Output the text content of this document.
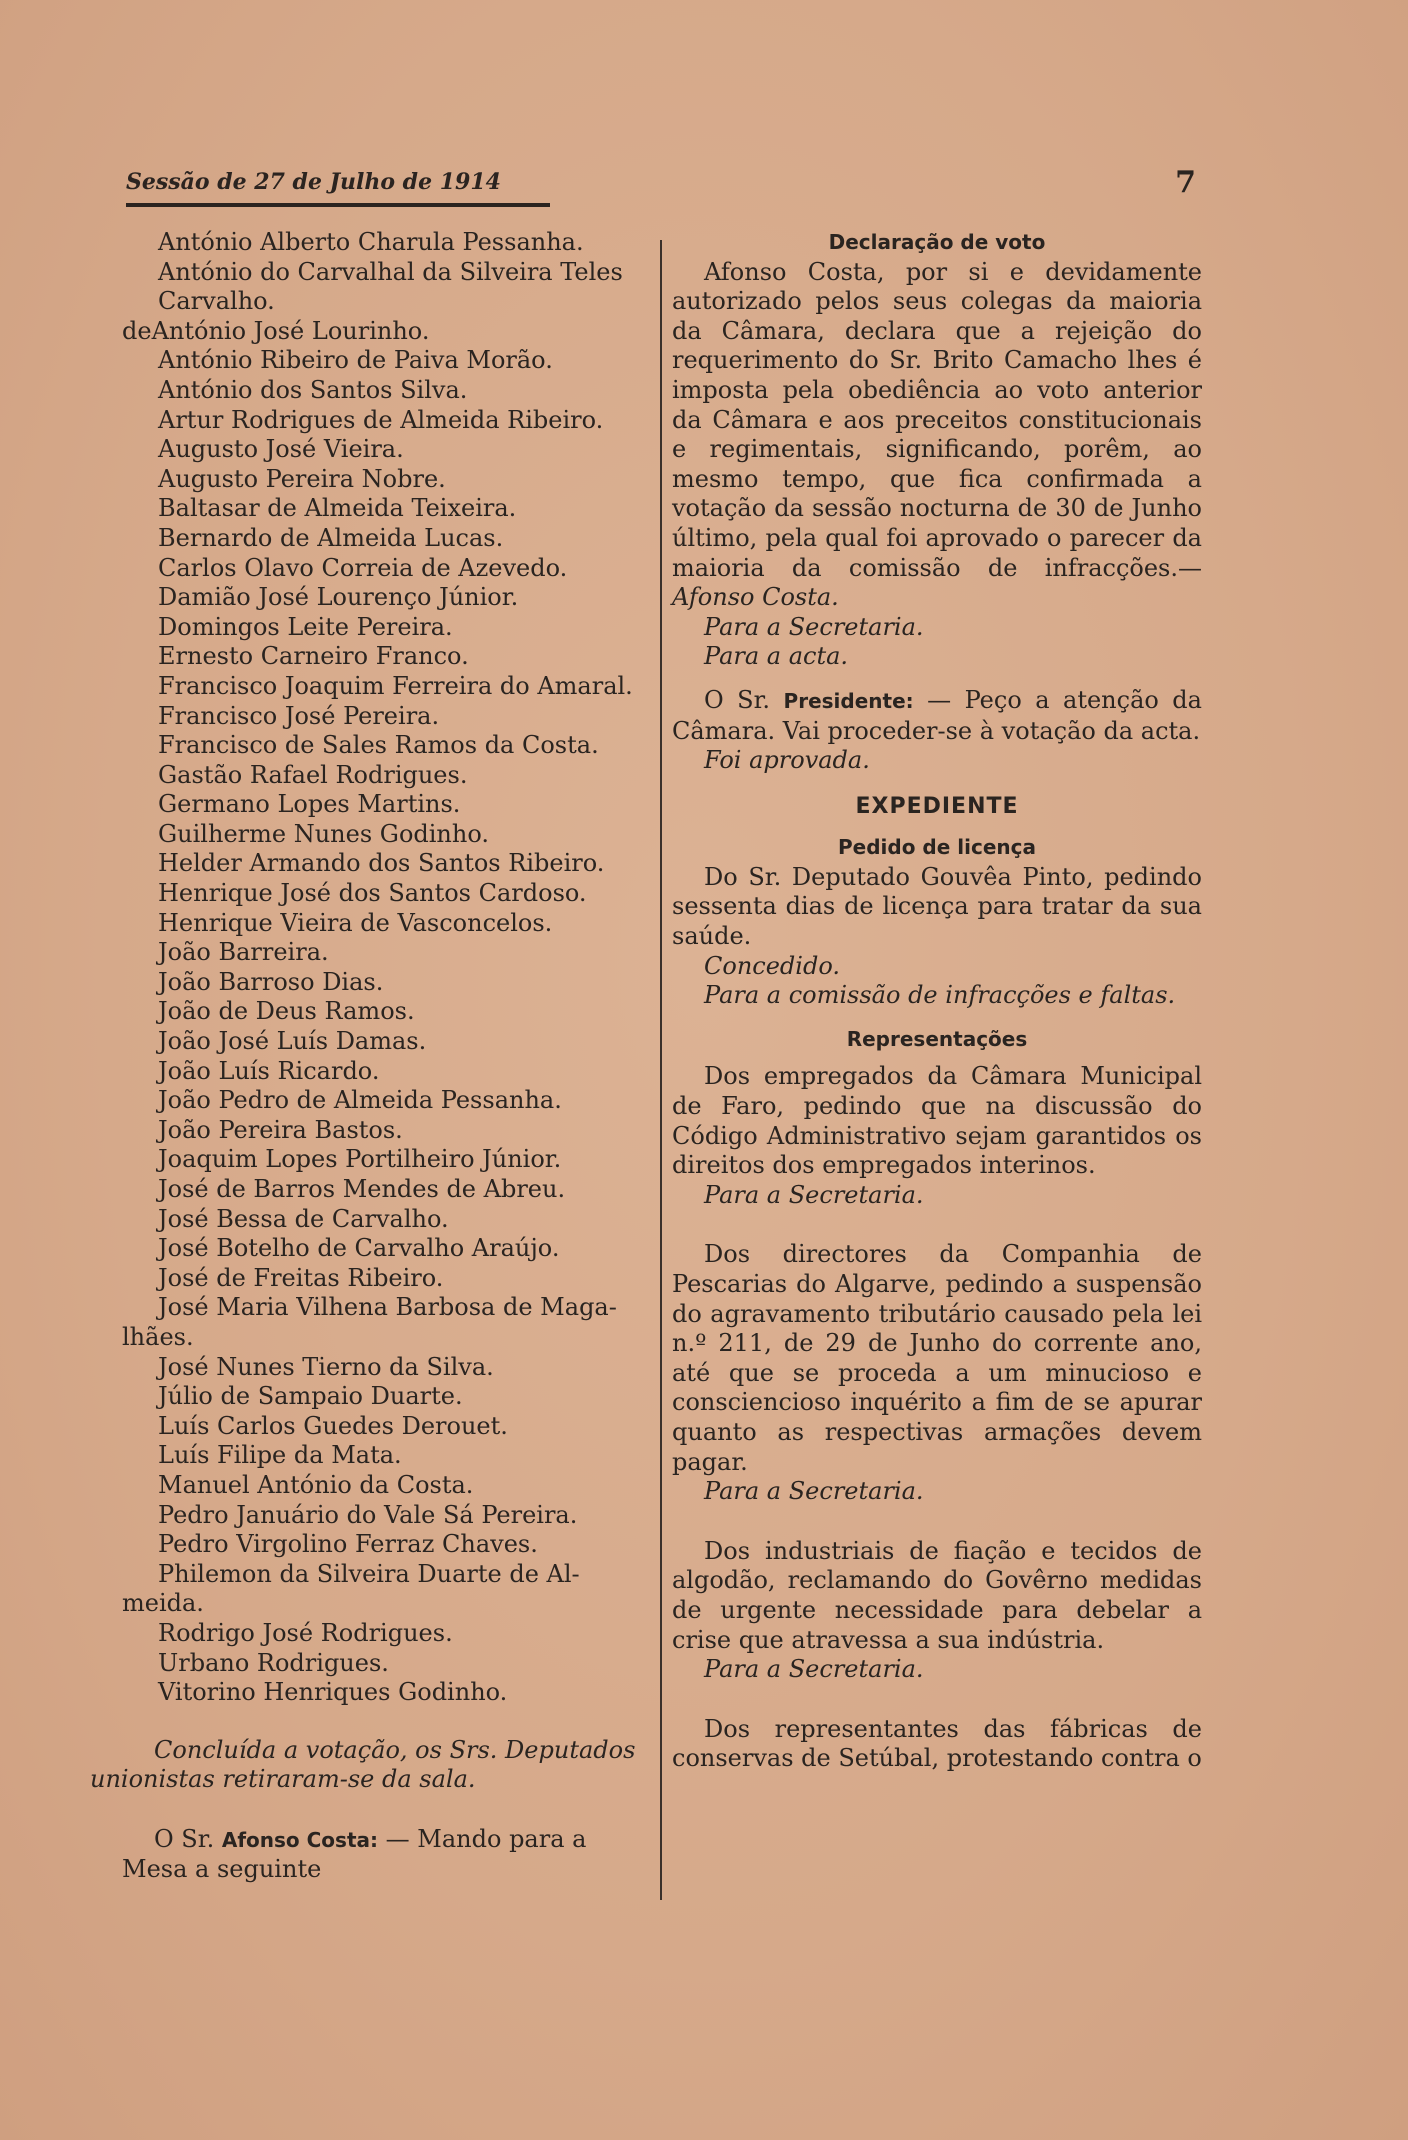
Sessão de 27 de Julho de 1914	7
António Alberto Charula Pessanha.
António do Carvalhal da Silveira Teles
Carvalho.
deAntónio José Lourinho.
António Ribeiro de Paiva Morão.
António dos Santos Silva.
Artur Rodrigues de Almeida Ribeiro.
Augusto José Vieira.
Augusto Pereira Nobre.
Baltasar de Almeida Teixeira.
Bernardo de Almeida Lucas.
Carlos Olavo Correia de Azevedo.
Damião José Lourenço Júnior.
Domingos Leite Pereira.
Ernesto Carneiro Franco.
Francisco Joaquim Ferreira do Amaral.
Francisco José Pereira.
Francisco de Sales Ramos da Costa.
Gastão Rafael Rodrigues.
Germano Lopes Martins.
Guilherme Nunes Godinho.
Helder Armando dos Santos Ribeiro.
Henrique José dos Santos Cardoso.
Henrique Vieira de Vasconcelos.
João Barreira.
João Barroso Dias.
João de Deus Ramos.
João José Luís Damas.
João Luís Ricardo.
João Pedro de Almeida Pessanha.
João Pereira Bastos.
Joaquim Lopes Portilheiro Júnior.
José de Barros Mendes de Abreu.
José Bessa de Carvalho.
José Botelho de Carvalho Araújo.
José de Freitas Ribeiro.
José Maria Vilhena Barbosa de Maga-
lhães.
José Nunes Tierno da Silva.
Júlio de Sampaio Duarte.
Luís Carlos Guedes Derouet.
Luís Filipe da Mata.
Manuel António da Costa.
Pedro Januário do Vale Sá Pereira.
Pedro Virgolino Ferraz Chaves.
Philemon da Silveira Duarte de Al-
meida.
Rodrigo José Rodrigues.
Urbano Rodrigues.
Vitorino Henriques Godinho.
Concluída a votação, os Srs. Deputados
unionistas retiraram-se da sala.
O Sr. Afonso Costa: — Mando para a
Mesa a seguinte
Declaração de voto

Afonso Costa, por si e devidamente autorizado pelos seus colegas da maioria da Câmara, declara que a rejeição do requerimento do Sr. Brito Camacho lhes é imposta pela obediência ao voto anterior da Câmara e aos preceitos constitucionais e regimentais, significando, porêm, ao mesmo tempo, que fica confirmada a votação da sessão nocturna de 30 de Junho último, pela qual foi aprovado o parecer da maioria da comissão de infracções.—Afonso Costa.

Para a Secretaria.
Para a acta.

O Sr. Presidente: — Peço a atenção da Câmara. Vai proceder-se à votação da acta.

Foi aprovada.
EXPEDIENTE
Pedido de licença

Do Sr. Deputado Gouvêa Pinto, pedindo sessenta dias de licença para tratar da sua saúde.

Concedido.
Para a comissão de infracções e faltas.
Representações

Dos empregados da Câmara Municipal de Faro, pedindo que na discussão do Código Administrativo sejam garantidos os direitos dos empregados interinos.

Para a Secretaria.

Dos directores da Companhia de Pescarias do Algarve, pedindo a suspensão do agravamento tributário causado pela lei n.º 211, de 29 de Junho do corrente ano, até que se proceda a um minucioso e consciencioso inquérito a fim de se apurar quanto as respectivas armações devem pagar.

Para a Secretaria.

Dos industriais de fiação e tecidos de algodão, reclamando do Govêrno medidas de urgente necessidade para debelar a crise que atravessa a sua indústria.

Para a Secretaria.

Dos representantes das fábricas de conservas de Setúbal, protestando contra o
